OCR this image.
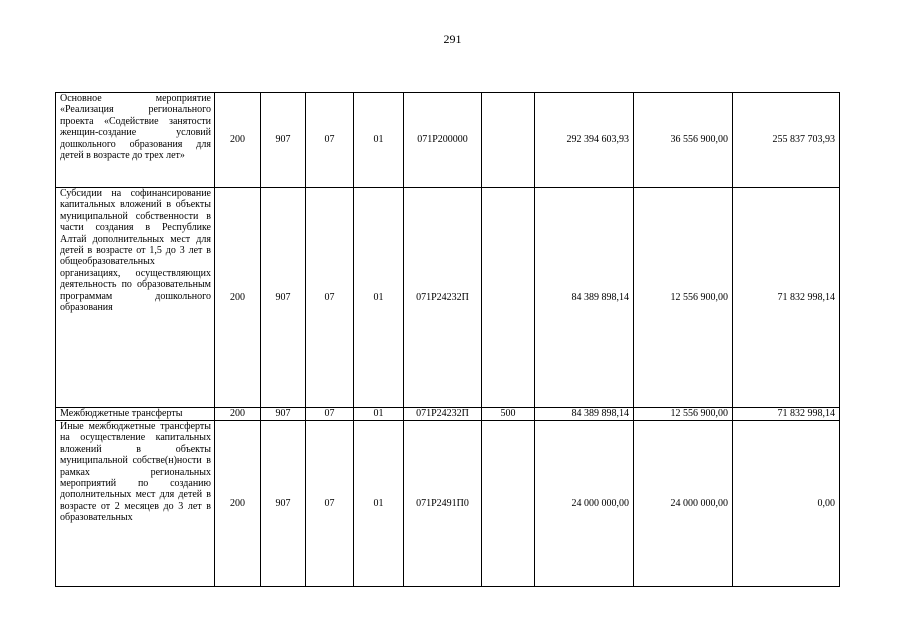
291
Основное мероприятие «Реализация регионального проекта «Содействие занятости женщин-создание условий дошкольного образования для детей в возрасте до трех лет»	200	907	07	01	071P200000		292 394 603,93	36 556 900,00	255 837 703,93
Субсидии на софинансирование капитальных вложений в объекты муниципальной собственности в части создания в Республике Алтай дополнительных мест для детей в возрасте от 1,5 до 3 лет в общеобразовательных организациях, осуществляющих деятельность по образовательным программам дошкольного образования	200	907	07	01	071P24232П		84 389 898,14	12 556 900,00	71 832 998,14
Межбюджетные трансферты	200	907	07	01	071P24232П	500	84 389 898,14	12 556 900,00	71 832 998,14
Иные межбюджетные трансферты на осуществление капитальных вложений в объекты муниципальной собстве(н)ности в рамках региональных мероприятий по созданию дополнительных мест для детей в возрасте от 2 месяцев до 3 лет в образовательных	200	907	07	01	071P2491П0		24 000 000,00	24 000 000,00	0,00
